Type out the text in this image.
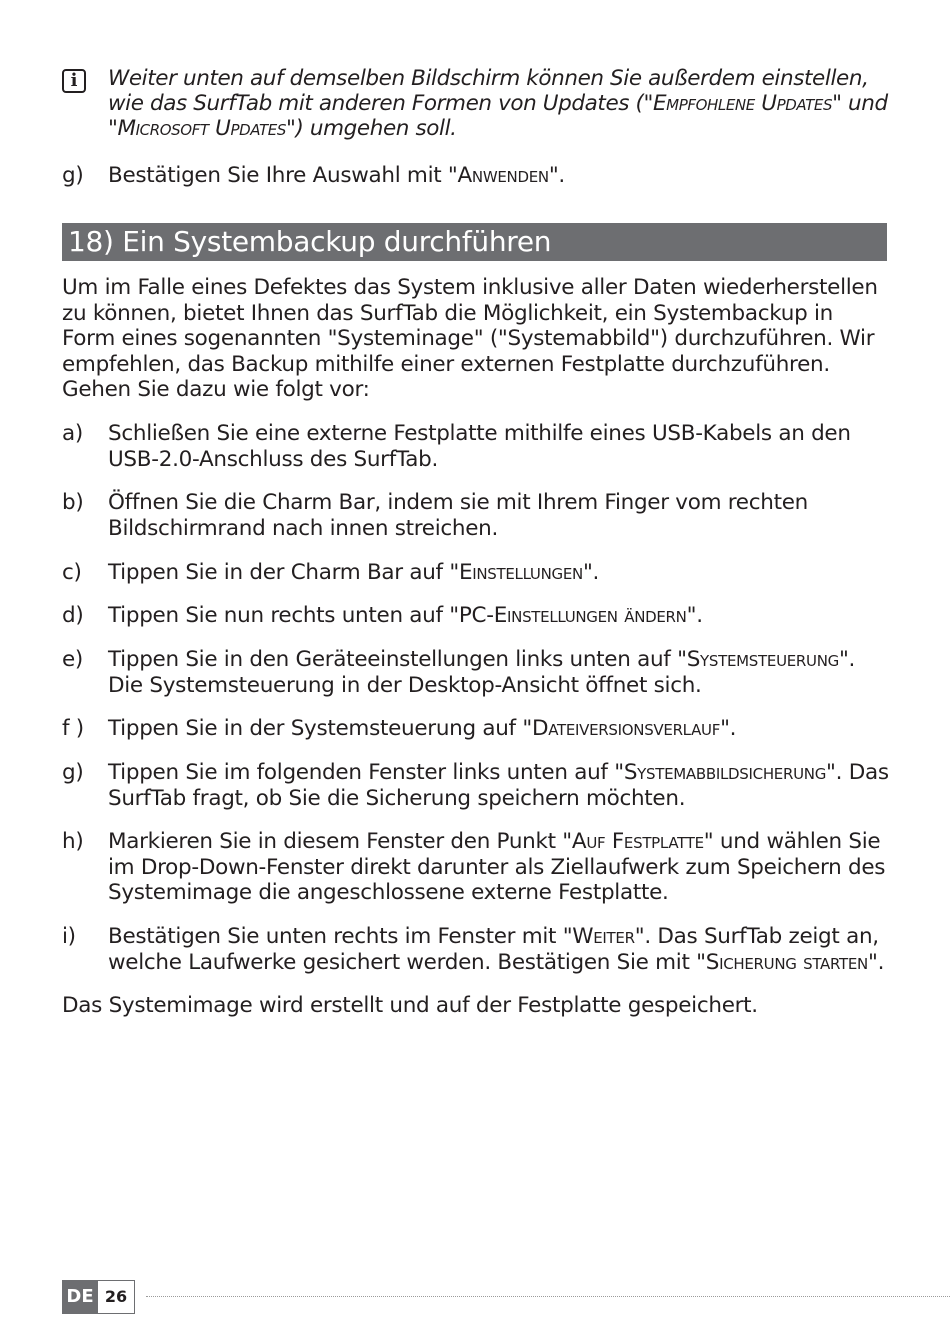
i	Weiter unten auf demselben Bildschirm können Sie außerdem einstellen, wie das SurfTab mit anderen Formen von Updates ("Empfohlene Updates" und "Microsoft Updates") umgehen soll.
g)	Bestätigen Sie Ihre Auswahl mit "Anwenden".
18) Ein Systembackup durchführen
Um im Falle eines Defektes das System inklusive aller Daten wiederherstellen zu können, bietet Ihnen das SurfTab die Möglichkeit, ein Systembackup in Form eines sogenannten "Systeminage" ("Systemabbild") durchzuführen. Wir empfehlen, das Backup mithilfe einer externen Festplatte durchzuführen. Gehen Sie dazu wie folgt vor:
a)	Schließen Sie eine externe Festplatte mithilfe eines USB-Kabels an den USB-2.0-Anschluss des SurfTab.
b)	Öffnen Sie die Charm Bar, indem sie mit Ihrem Finger vom rechten Bildschirmrand nach innen streichen.
c)	Tippen Sie in der Charm Bar auf "Einstellungen".
d)	Tippen Sie nun rechts unten auf "PC-Einstellungen ändern".
e)	Tippen Sie in den Geräteeinstellungen links unten auf "Systemsteuerung". Die Systemsteuerung in der Desktop-Ansicht öffnet sich.
f )	Tippen Sie in der Systemsteuerung auf "Dateiversionsverlauf".
g)	Tippen Sie im folgenden Fenster links unten auf "Systemabbildsicherung". Das SurfTab fragt, ob Sie die Sicherung speichern möchten.
h)	Markieren Sie in diesem Fenster den Punkt "Auf Festplatte" und wählen Sie im Drop-Down-Fenster direkt darunter als Ziellaufwerk zum Speichern des Systemimage die angeschlossene externe Festplatte.
i)	Bestätigen Sie unten rechts im Fenster mit "Weiter". Das SurfTab zeigt an, welche Laufwerke gesichert werden. Bestätigen Sie mit "Sicherung starten".
Das Systemimage wird erstellt und auf der Festplatte gespeichert.
DE 26
